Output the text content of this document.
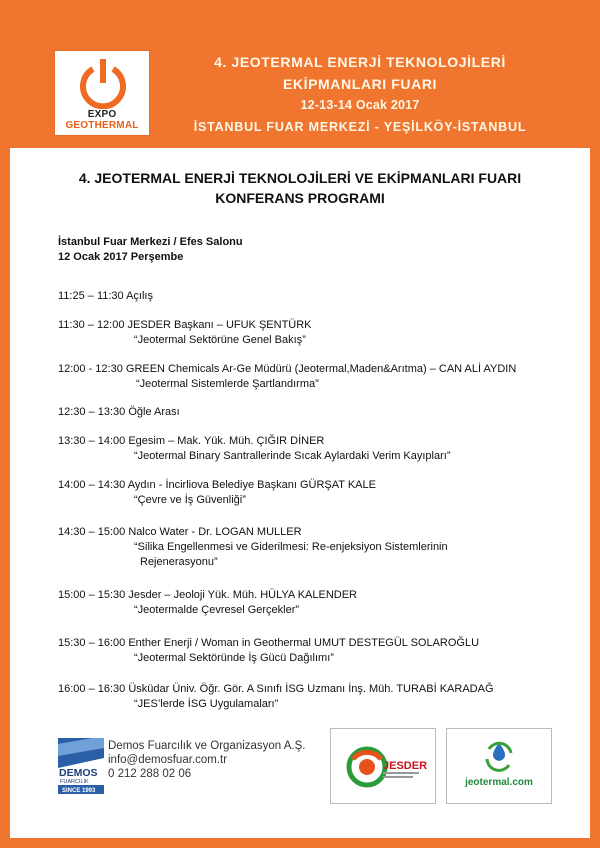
EXPO GEOTHERMAL
4. JEOTERMAL ENERJİ TEKNOLOJİLERİ
EKİPMANLARI FUARI
12-13-14 Ocak 2017
İSTANBUL FUAR MERKEZİ - YEŞİLKÖY-İSTANBUL
4. JEOTERMAL ENERJİ TEKNOLOJİLERİ VE EKİPMANLARI FUARI
KONFERANS PROGRAMI
İstanbul Fuar Merkezi / Efes Salonu
12 Ocak 2017 Perşembe
11:25 – 11:30 Açılış
11:30 – 12:00 JESDER Başkanı – UFUK ŞENTÜRK
“Jeotermal Sektörüne Genel Bakış”
12:00 - 12:30 GREEN Chemicals Ar-Ge Müdürü (Jeotermal,Maden&Arıtma) – CAN ALİ AYDIN
“Jeotermal Sistemlerde Şartlandırma”
12:30 – 13:30 Öğle Arası
13:30 – 14:00 Egesim – Mak. Yük. Müh. ÇIĞIR DİNER
“Jeotermal Binary Santrallerinde Sıcak Aylardaki Verim Kayıpları”
14:00 – 14:30 Aydın - İncirliova Belediye Başkanı GÜRŞAT KALE
“Çevre ve İş Güvenliği”
14:30 – 15:00 Nalco Water - Dr. LOGAN MULLER
“Silika Engellenmesi ve Giderilmesi: Re-enjeksiyon Sistemlerinin
Rejenerasyonu”
15:00 – 15:30 Jesder – Jeoloji Yük. Müh. HÜLYA KALENDER
“Jeotermalde Çevresel Gerçekler”
15:30 – 16:00 Enther Enerji / Woman in Geothermal UMUT DESTEGÜL SOLAROĞLU
“Jeotermal Sektöründe İş Gücü Dağılımı”
16:00 – 16:30 Üsküdar Üniv. Öğr. Gör. A Sınıfı İSG Uzmanı İnş. Müh. TURABİ KARADAĞ
“JES’lerde İSG Uygulamaları”
DEMOS
FUARCILIK
SINCE 1993
Demos Fuarcılık ve Organizasyon A.Ş.
info@demosfuar.com.tr
0 212 288 02 06
JESDER
jeotermal.com
